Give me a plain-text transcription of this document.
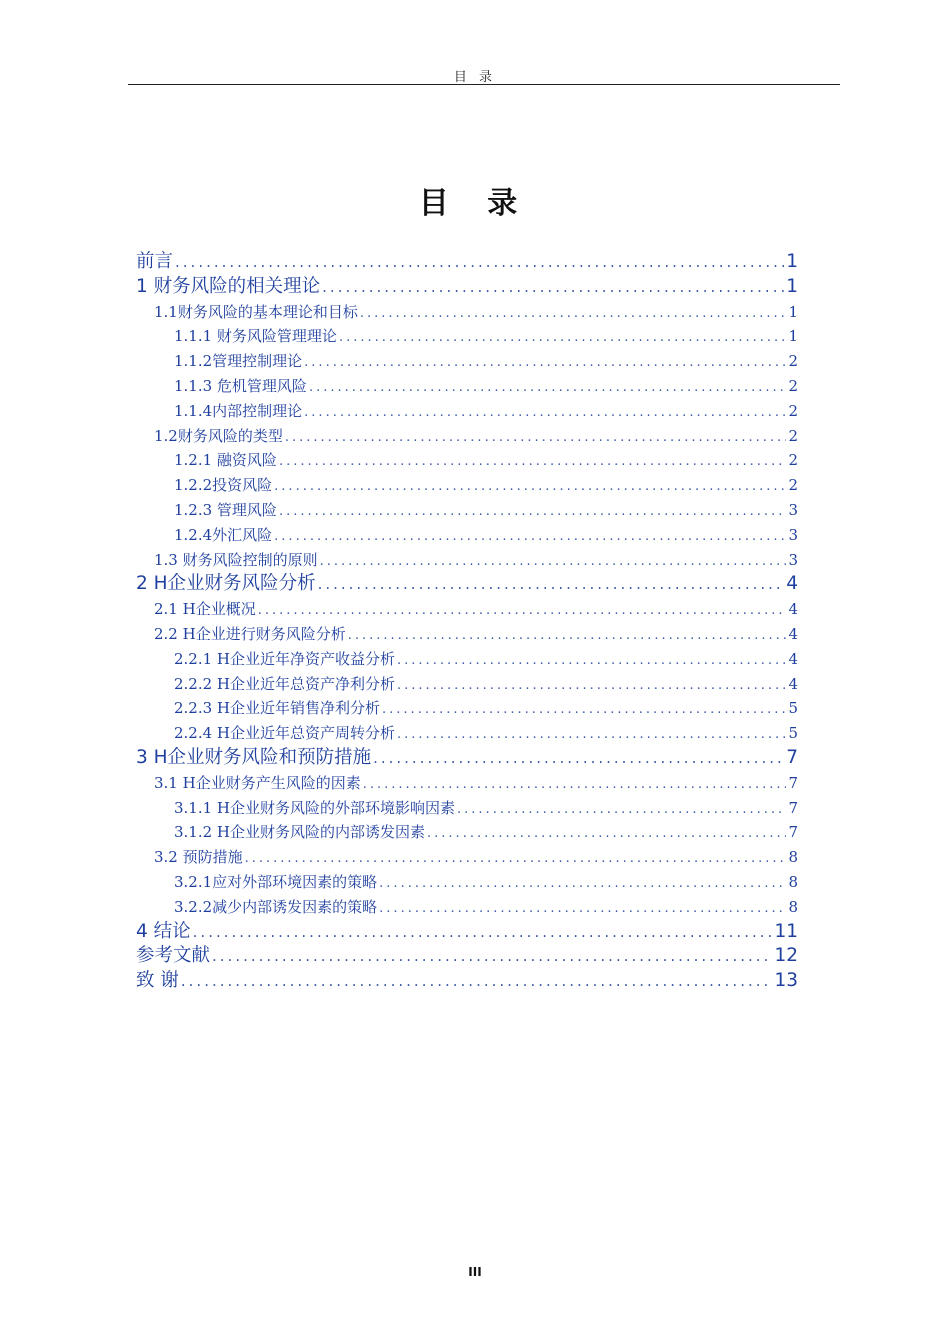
目 录
目 录
前言 .....	1
1 财务风险的相关理论 .....	1
1.1财务风险的基本理论和目标 .....	1
1.1.1 财务风险管理理论 .....	1
1.1.2管理控制理论 .....	2
1.1.3 危机管理风险 .....	2
1.1.4内部控制理论 .....	2
1.2财务风险的类型 .....	2
1.2.1 融资风险 .....	2
1.2.2投资风险 .....	2
1.2.3 管理风险 .....	3
1.2.4外汇风险 .....	3
1.3 财务风险控制的原则 .....	3
2 H企业财务风险分析 .....	4
2.1 H企业概况 .....	4
2.2 H企业进行财务风险分析 .....	4
2.2.1 H企业近年净资产收益分析 .....	4
2.2.2 H企业近年总资产净利分析 .....	4
2.2.3 H企业近年销售净利分析 .....	5
2.2.4 H企业近年总资产周转分析 .....	5
3 H企业财务风险和预防措施 .....	7
3.1 H企业财务产生风险的因素 .....	7
3.1.1 H企业财务风险的外部环境影响因素 .....	7
3.1.2 H企业财务风险的内部诱发因素 .....	7
3.2 预防措施 .....	8
3.2.1应对外部环境因素的策略 .....	8
3.2.2减少内部诱发因素的策略 .....	8
4 结论 .....	11
参考文献 .....	12
致 谢 .....	13
III
